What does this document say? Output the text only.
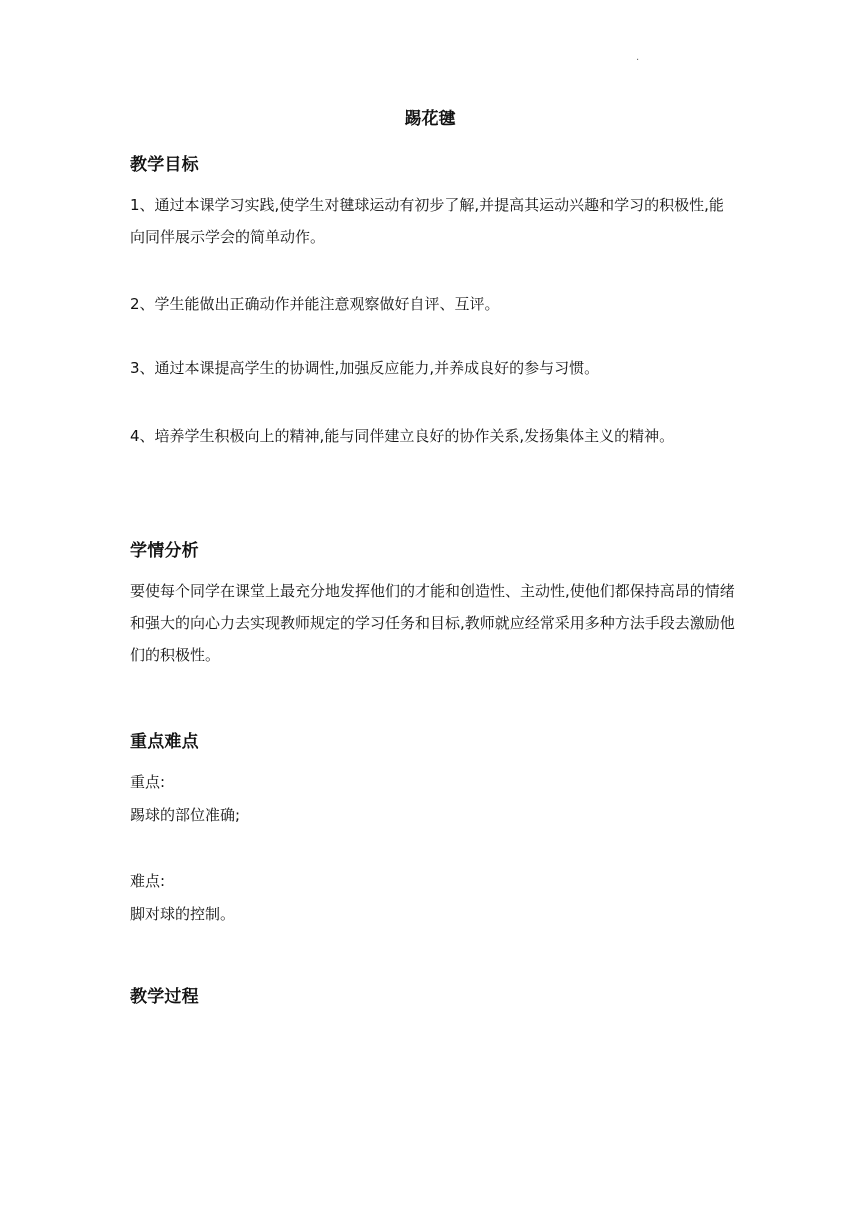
·
踢花毽
教学目标
1、通过本课学习实践,使学生对毽球运动有初步了解,并提高其运动兴趣和学习的积极性,能向同伴展示学会的简单动作。
2、学生能做出正确动作并能注意观察做好自评、互评。
3、通过本课提高学生的协调性,加强反应能力,并养成良好的参与习惯。
4、培养学生积极向上的精神,能与同伴建立良好的协作关系,发扬集体主义的精神。
学情分析
要使每个同学在课堂上最充分地发挥他们的才能和创造性、主动性,使他们都保持高昂的情绪和强大的向心力去实现教师规定的学习任务和目标,教师就应经常采用多种方法手段去激励他们的积极性。
重点难点
重点:
踢球的部位准确;
难点:
脚对球的控制。
教学过程
